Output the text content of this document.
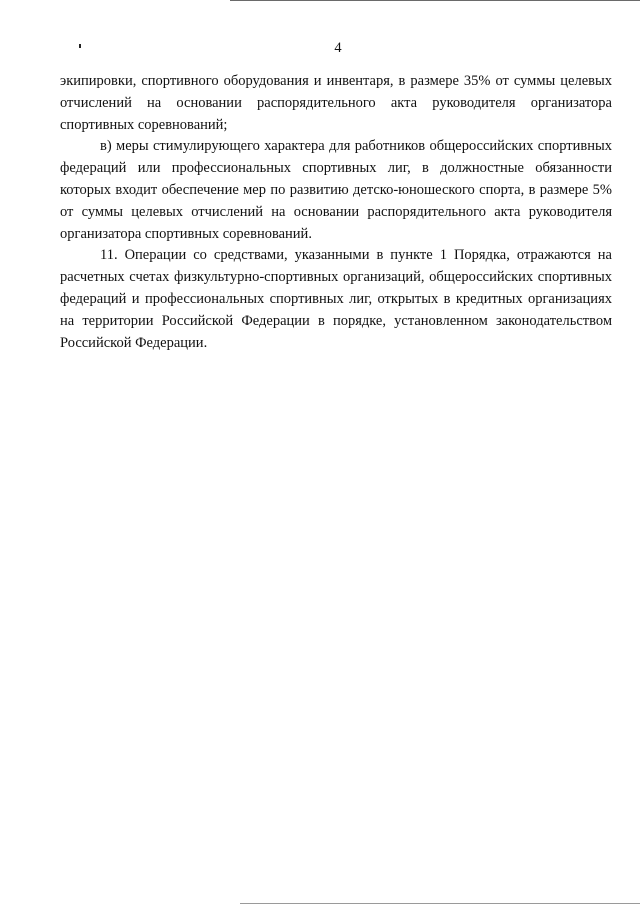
4

экипировки, спортивного оборудования и инвентаря, в размере 35% от суммы целевых отчислений на основании распорядительного акта руководителя организатора спортивных соревнований;

в) меры стимулирующего характера для работников общероссийских спортивных федераций или профессиональных спортивных лиг, в должностные обязанности которых входит обеспечение мер по развитию детско-юношеского спорта, в размере 5% от суммы целевых отчислений на основании распорядительного акта руководителя организатора спортивных соревнований.

11. Операции со средствами, указанными в пункте 1 Порядка, отражаются на расчетных счетах физкультурно-спортивных организаций, общероссийских спортивных федераций и профессиональных спортивных лиг, открытых в кредитных организациях на территории Российской Федерации в порядке, установленном законодательством Российской Федерации.
